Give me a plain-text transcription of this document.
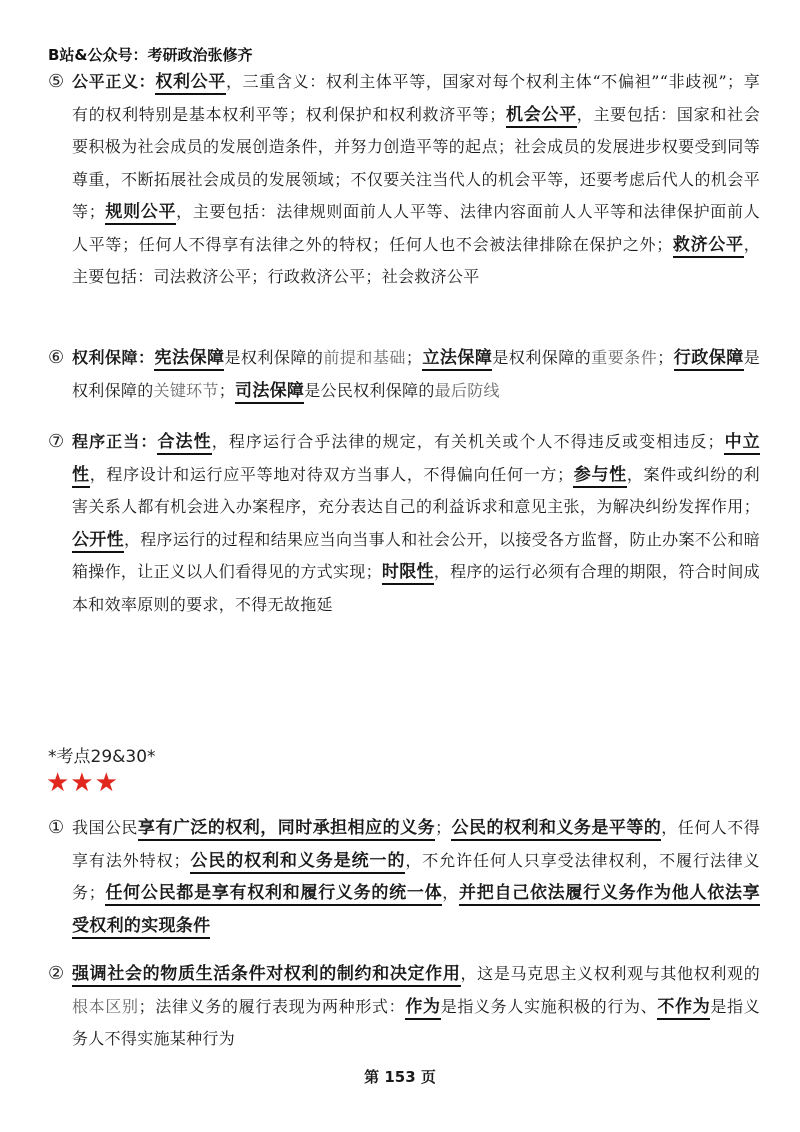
B站&公众号：考研政治张修齐
⑤ 公平正义：权利公平，三重含义：权利主体平等，国家对每个权利主体“不偏袒”“非歧视”；享有的权利特别是基本权利平等；权利保护和权利救济平等；机会公平，主要包括：国家和社会要积极为社会成员的发展创造条件，并努力创造平等的起点；社会成员的发展进步权要受到同等尊重，不断拓展社会成员的发展领域；不仅要关注当代人的机会平等，还要考虑后代人的机会平等；规则公平，主要包括：法律规则面前人人平等、法律内容面前人人平等和法律保护面前人人平等；任何人不得享有法律之外的特权；任何人也不会被法律排除在保护之外；救济公平，主要包括：司法救济公平；行政救济公平；社会救济公平
⑥ 权利保障：宪法保障是权利保障的前提和基础；立法保障是权利保障的重要条件；行政保障是权利保障的关键环节；司法保障是公民权利保障的最后防线
⑦ 程序正当：合法性，程序运行合乎法律的规定，有关机关或个人不得违反或变相违反；中立性，程序设计和运行应平等地对待双方当事人，不得偏向任何一方；参与性，案件或纠纷的利害关系人都有机会进入办案程序，充分表达自己的利益诉求和意见主张，为解决纠纷发挥作用；公开性，程序运行的过程和结果应当向当事人和社会公开，以接受各方监督，防止办案不公和暗箱操作，让正义以人们看得见的方式实现；时限性，程序的运行必须有合理的期限，符合时间成本和效率原则的要求，不得无故拖延
*考点29&30*
★★★
① 我国公民享有广泛的权利，同时承担相应的义务；公民的权利和义务是平等的，任何人不得享有法外特权；公民的权利和义务是统一的，不允许任何人只享受法律权利，不履行法律义务；任何公民都是享有权利和履行义务的统一体，并把自己依法履行义务作为他人依法享受权利的实现条件
② 强调社会的物质生活条件对权利的制约和决定作用，这是马克思主义权利观与其他权利观的根本区别；法律义务的履行表现为两种形式：作为是指义务人实施积极的行为、不作为是指义务人不得实施某种行为
第 153 页
